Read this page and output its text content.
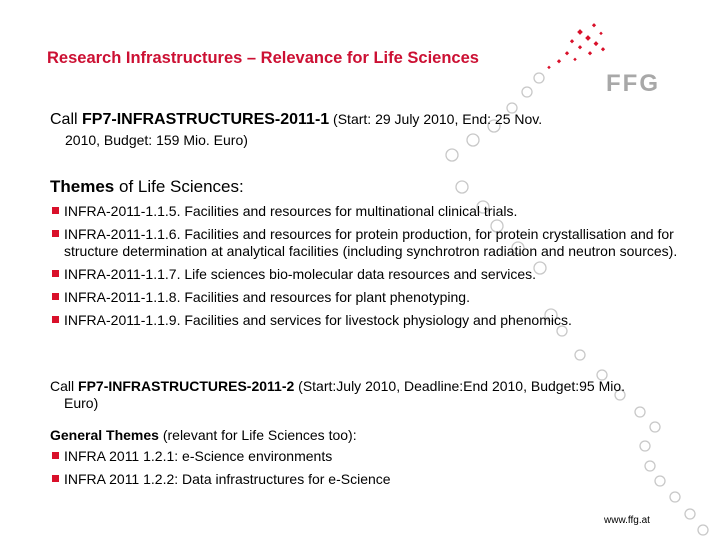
Research Infrastructures – Relevance for Life Sciences
FFG
Call FP7-INFRASTRUCTURES-2011-1 (Start: 29 July 2010, End: 25 Nov.
2010, Budget: 159 Mio. Euro)
Themes of Life Sciences:
INFRA-2011-1.1.5. Facilities and resources for multinational clinical trials.
INFRA-2011-1.1.6. Facilities and resources for protein production, for protein crystallisation and for structure determination at analytical facilities (including synchrotron radiation and neutron sources).
INFRA-2011-1.1.7. Life sciences bio-molecular data resources and services.
INFRA-2011-1.1.8. Facilities and resources for plant phenotyping.
INFRA-2011-1.1.9. Facilities and services for livestock physiology and phenomics.
Call FP7-INFRASTRUCTURES-2011-2 (Start:July 2010, Deadline:End 2010, Budget:95 Mio.
Euro)
General Themes (relevant for Life Sciences too):
INFRA 2011 1.2.1: e-Science environments
INFRA 2011 1.2.2: Data infrastructures for e-Science
www.ffg.at
